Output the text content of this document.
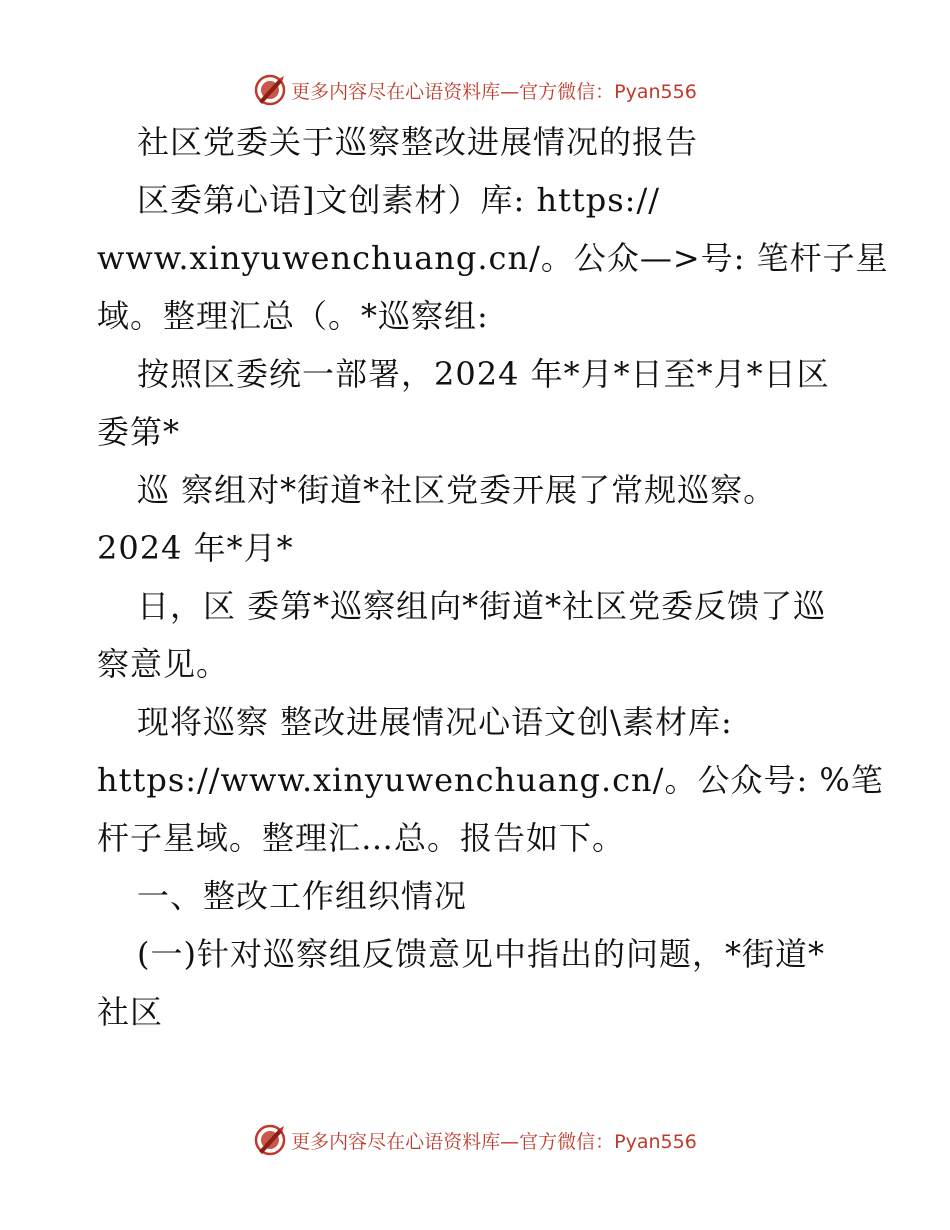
更多内容尽在心语资料库—官方微信：Pyan556
社区党委关于巡察整改进展情况的报告
区委第心语]文创素材）库: https://
www.xinyuwenchuang.cn/。公众—>号: 笔杆子星
域。整理汇总（。*巡察组:
按照区委统一部署，2024 年*月*日至*月*日区
委第*
巡 察组对*街道*社区党委开展了常规巡察。
2024 年*月*
日，区 委第*巡察组向*街道*社区党委反馈了巡
察意见。
现将巡察 整改进展情况心语文创\素材库:
https://www.xinyuwenchuang.cn/。公众号: %笔
杆子星域。整理汇…总。报告如下。
一、整改工作组织情况
(一)针对巡察组反馈意见中指出的问题，*街道*
社区
更多内容尽在心语资料库—官方微信：Pyan556
